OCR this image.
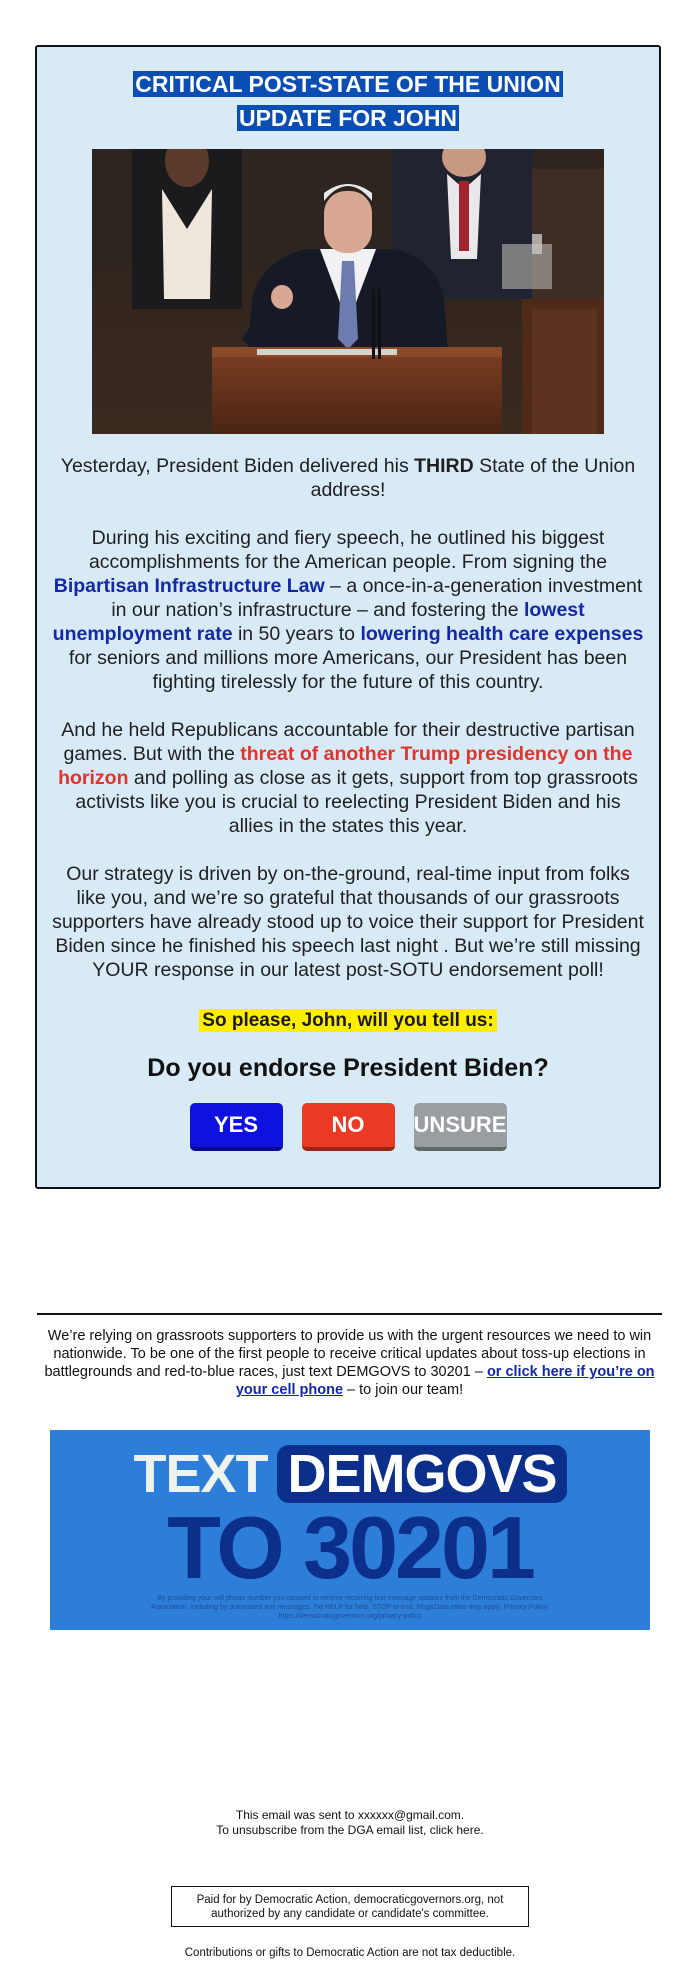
CRITICAL POST-STATE OF THE UNION UPDATE FOR JOHN

Yesterday, President Biden delivered his THIRD State of the Union address!

During his exciting and fiery speech, he outlined his biggest accomplishments for the American people. From signing the Bipartisan Infrastructure Law – a once-in-a-generation investment in our nation’s infrastructure – and fostering the lowest unemployment rate in 50 years to lowering health care expenses for seniors and millions more Americans, our President has been fighting tirelessly for the future of this country.

And he held Republicans accountable for their destructive partisan games. But with the threat of another Trump presidency on the horizon and polling as close as it gets, support from top grassroots activists like you is crucial to reelecting President Biden and his allies in the states this year.

Our strategy is driven by on-the-ground, real-time input from folks like you, and we’re so grateful that thousands of our grassroots supporters have already stood up to voice their support for President Biden since he finished his speech last night . But we’re still missing YOUR response in our latest post-SOTU endorsement poll!

So please, John, will you tell us:
Do you endorse President Biden?
YES	NO	UNSURE
We’re relying on grassroots supporters to provide us with the urgent resources we need to win nationwide. To be one of the first people to receive critical updates about toss-up elections in battlegrounds and red-to-blue races, just text DEMGOVS to 30201 – or click here if you’re on your cell phone – to join our team!
TEXT DEMGOVS
TO 30201
By providing your cell phone number you consent to receive recurring text message updates from the Democratic Governors Association, including by automated text messages. Txt HELP for help, STOP to end. Msg&Data rates may apply. Privacy Policy: https://democraticgovernors.org/privacy-policy
This email was sent to xxxxxx@gmail.com.
To unsubscribe from the DGA email list, click here.
Paid for by Democratic Action, democraticgovernors.org, not authorized by any candidate or candidate's committee.
Contributions or gifts to Democratic Action are not tax deductible.
